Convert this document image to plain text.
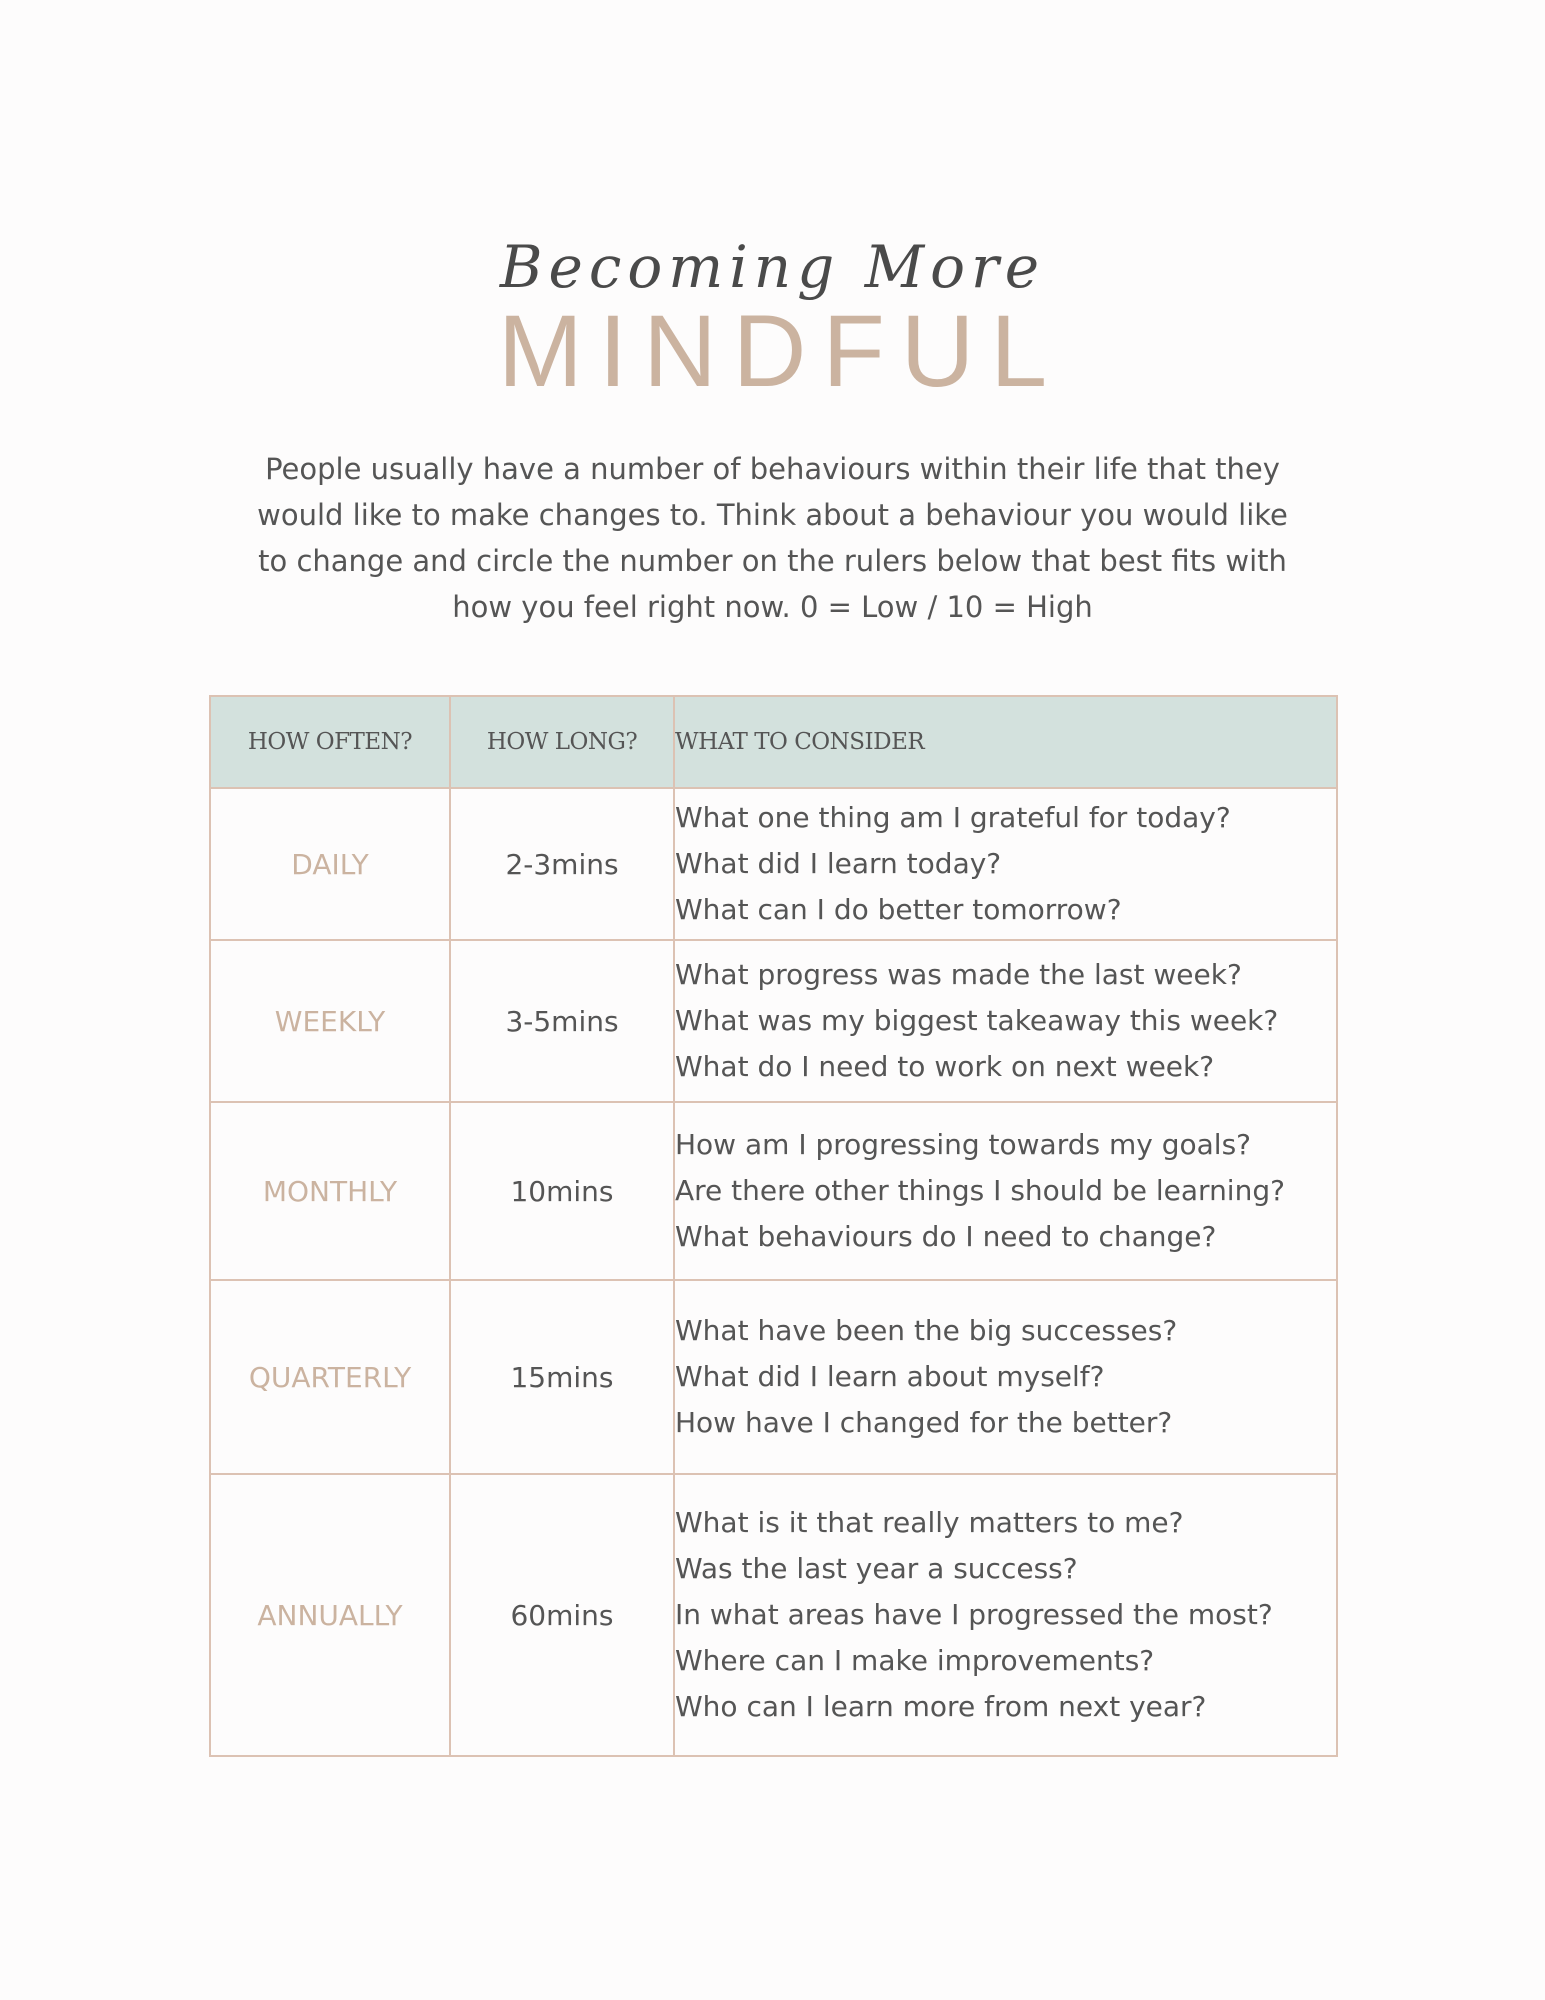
Becoming More
MINDFUL
People usually have a number of behaviours within their life that they would like to make changes to. Think about a behaviour you would like to change and circle the number on the rulers below that best fits with how you feel right now. 0 = Low / 10 = High
HOW OFTEN?	HOW LONG?	WHAT TO CONSIDER
DAILY	2-3mins	What one thing am I grateful for today?
What did I learn today?
What can I do better tomorrow?

WEEKLY	3-5mins	What progress was made the last week?
What was my biggest takeaway this week?
What do I need to work on next week?

MONTHLY	10mins	How am I progressing towards my goals?
Are there other things I should be learning?
What behaviours do I need to change?

QUARTERLY	15mins	What have been the big successes?
What did I learn about myself?
How have I changed for the better?

ANNUALLY	60mins	What is it that really matters to me?
Was the last year a success?
In what areas have I progressed the most?
Where can I make improvements?
Who can I learn more from next year?
